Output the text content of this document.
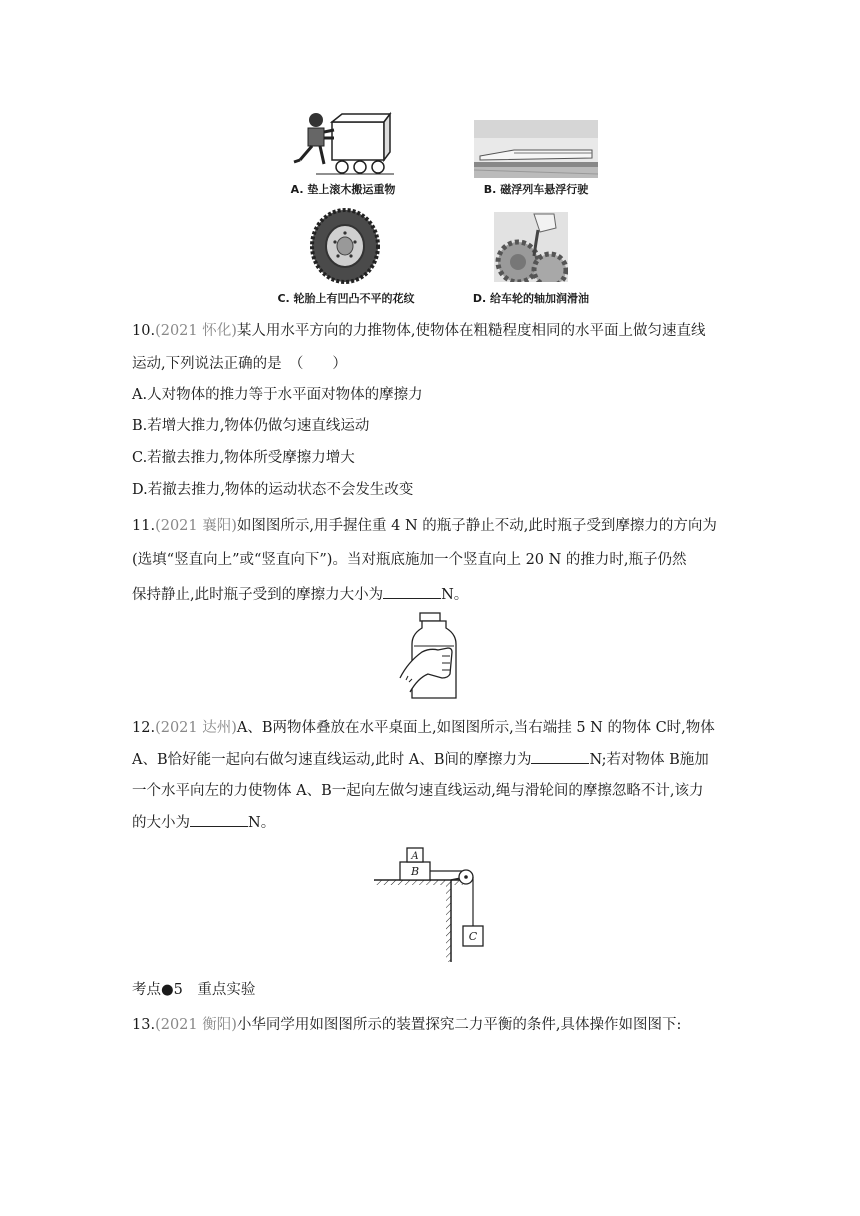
A. 垫上滚木搬运重物	B. 磁浮列车悬浮行驶
C. 轮胎上有凹凸不平的花纹	D. 给车轮的轴加润滑油
10.(2021 怀化)某人用水平方向的力推物体,使物体在粗糙程度相同的水平面上做匀速直线
运动,下列说法正确的是　（　　）
A.人对物体的推力等于水平面对物体的摩擦力
B.若增大推力,物体仍做匀速直线运动
C.若撤去推力,物体所受摩擦力增大
D.若撤去推力,物体的运动状态不会发生改变
11.(2021 襄阳)如图图所示,用手握住重 4 N 的瓶子静止不动,此时瓶子受到摩擦力的方向为
(选填“竖直向上”或“竖直向下”)。当对瓶底施加一个竖直向上 20 N 的推力时,瓶子仍然
保持静止,此时瓶子受到的摩擦力大小为	N。
12.(2021 达州)A、B两物体叠放在水平桌面上,如图图所示,当右端挂 5 N 的物体 C时,物体
A、B恰好能一起向右做匀速直线运动,此时 A、B间的摩擦力为	N;若对物体 B施加
一个水平向左的力使物体 A、B一起向左做匀速直线运动,绳与滑轮间的摩擦忽略不计,该力
的大小为	N。
A
B
C
考点●5　重点实验
13.(2021 衡阳)小华同学用如图图所示的装置探究二力平衡的条件,具体操作如图图下:
